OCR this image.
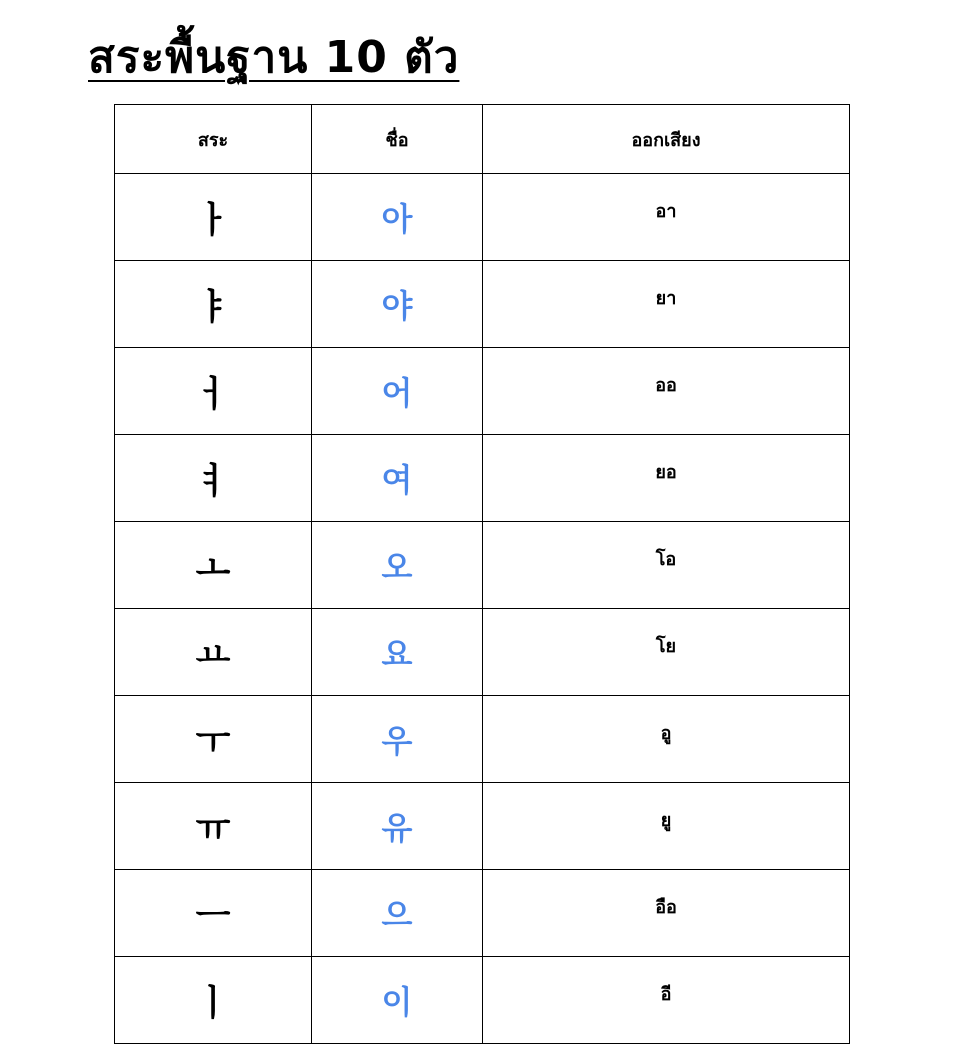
สระพื้นฐาน 10 ตัว
สระ	ชื่อ	ออกเสียง
ㅏ	아	อา
ㅑ	야	ยา
ㅓ	어	ออ
ㅕ	여	ยอ
ㅗ	오	โอ
ㅛ	요	โย
ㅜ	우	อู
ㅠ	유	ยู
ㅡ	으	อือ
ㅣ	이	อี
